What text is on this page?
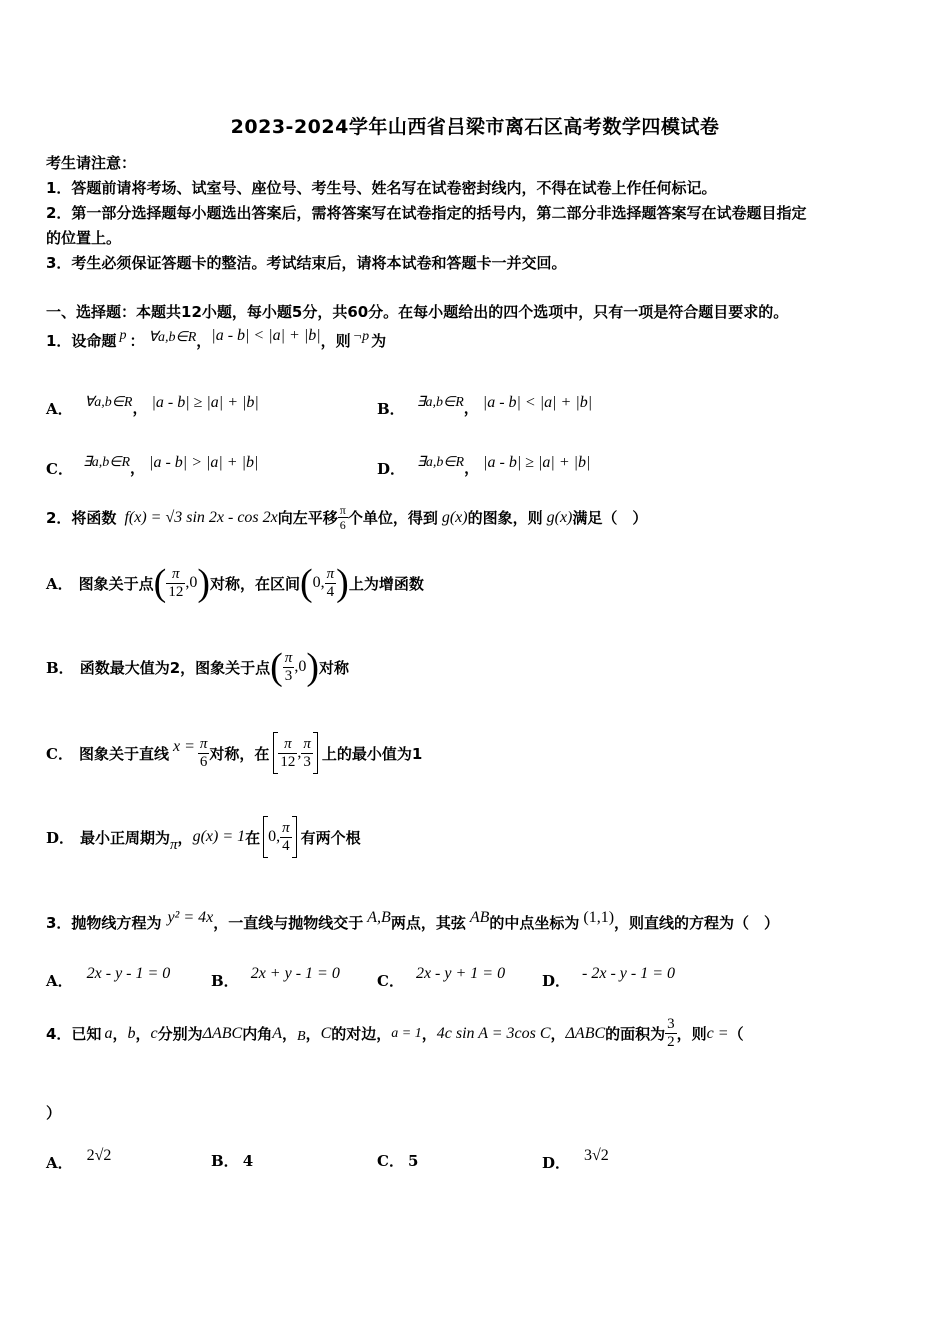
2023-2024学年山西省吕梁市离石区高考数学四模试卷
考生请注意：
1．答题前请将考场、试室号、座位号、考生号、姓名写在试卷密封线内，不得在试卷上作任何标记。
2．第一部分选择题每小题选出答案后，需将答案写在试卷指定的括号内，第二部分非选择题答案写在试卷题目指定
的位置上。
3．考生必须保证答题卡的整洁。考试结束后，请将本试卷和答题卡一并交回。
一、选择题：本题共12小题，每小题5分，共60分。在每小题给出的四个选项中，只有一项是符合题目要求的。
1．设命题 p ： ∀a,b∈R ， |a - b| < |a| + |b| ，则 ¬p 为
A． ∀a,b∈R ， |a - b| ≥ |a| + |b|	B． ∃a,b∈R ， |a - b| < |a| + |b|
C． ∃a,b∈R ， |a - b| > |a| + |b|	D． ∃a,b∈R ， |a - b| ≥ |a| + |b|
2．将函数 f(x) = √3 sin 2x - cos 2x 向左平移 $\frac{\pi}{6}$ 个单位，得到 g(x) 的图象，则 g(x) 满足（　）
A． 图象关于点 ( $\frac{\pi}{12} ,0$ ) 对称，在区间 ( 0, $\frac{\pi}{4}$ ) 上为增函数
B． 函数最大值为2，图象关于点 ( $\frac{\pi}{3} ,0$ ) 对称
C． 图象关于直线 $x = \frac{\pi}{6}$ 对称，在 $\frac{\pi}{12}$ , $\frac{\pi}{3}$ 上的最小值为1
D． 最小正周期为 π ， g(x) = 1 在 0, $\frac{\pi}{4}$ 有两个根
3．抛物线方程为 y² = 4x ，一直线与抛物线交于 A,B 两点，其弦 AB 的中点坐标为 (1,1) ，则直线的方程为（　）
A． 2x - y - 1 = 0	B． 2x + y - 1 = 0 C． 2x - y + 1 = 0 D． - 2x - y - 1 = 0
4．已知 a ， b ， c 分别为 ΔABC 内角 A ， B ， C 的对边， a = 1 ， 4c sin A = 3cos C ， ΔABC 的面积为 $\frac{3}{2}$ ，则 c = （
）
A． 2√2	B． 4	C． 5	D． 3√2
